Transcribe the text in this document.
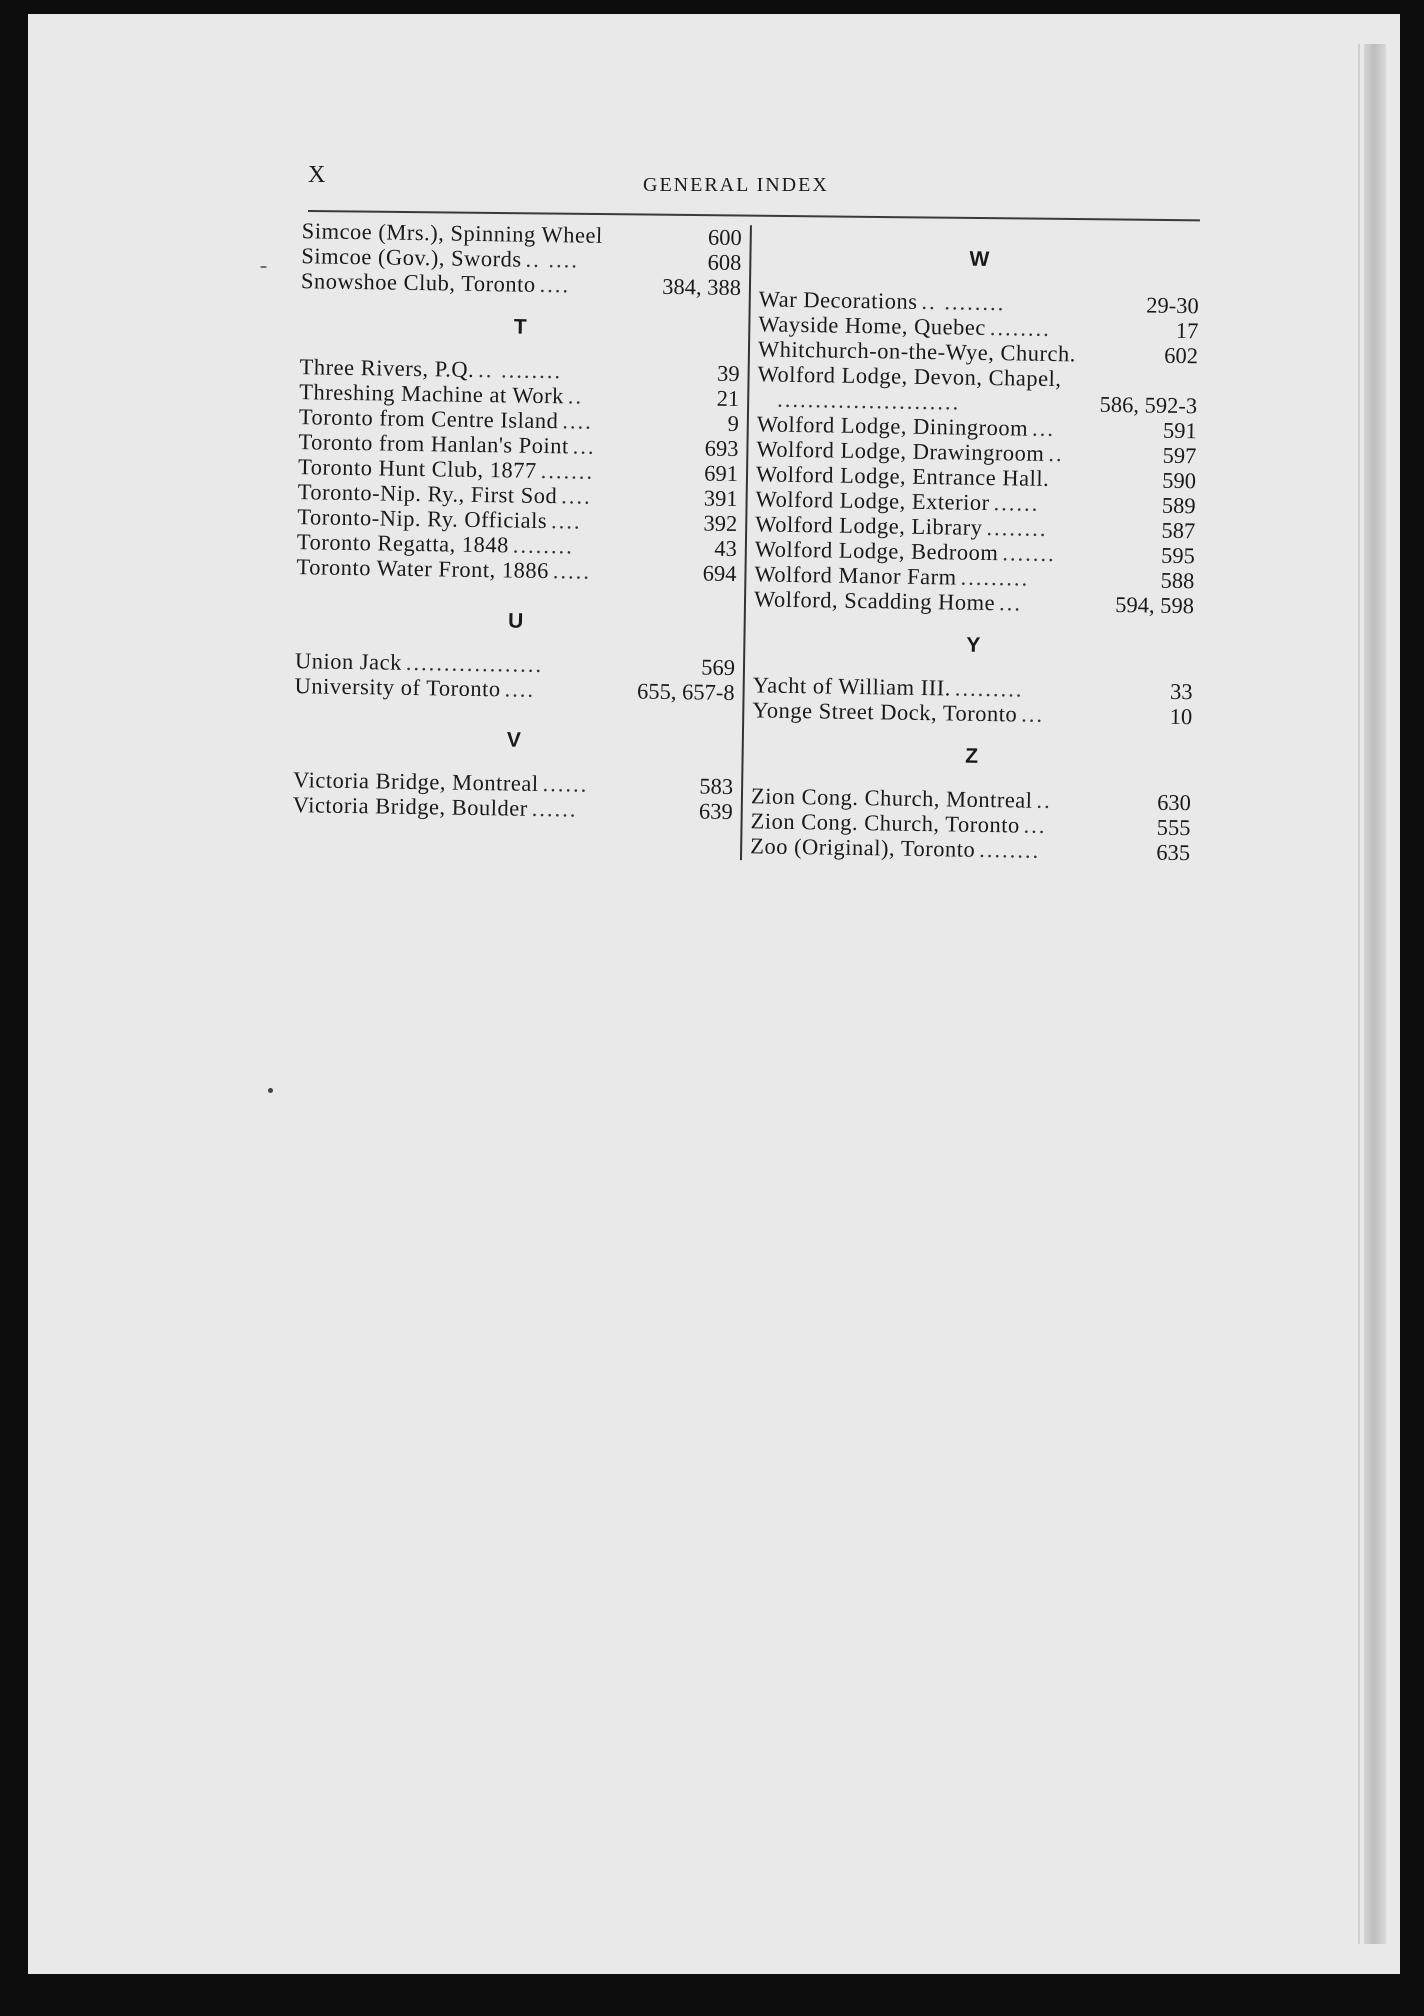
X	GENERAL INDEX
Simcoe (Mrs.), Spinning Wheel	600
Simcoe (Gov.), Swords .. ....	608
Snowshoe Club, Toronto ....	384, 388
T
Three Rivers, P.Q. .. ........	39
Threshing Machine at Work ..	21
Toronto from Centre Island ....	9
Toronto from Hanlan's Point ...	693
Toronto Hunt Club, 1877 .......	691
Toronto-Nip. Ry., First Sod ....	391
Toronto-Nip. Ry. Officials ....	392
Toronto Regatta, 1848 ........	43
Toronto Water Front, 1886 .....	694
U
Union Jack ..................	569
University of Toronto ....	655, 657-8
V
Victoria Bridge, Montreal ......	583
Victoria Bridge, Boulder ......	639
W
War Decorations .. ........	29-30
Wayside Home, Quebec ........	17
Whitchurch-on-the-Wye, Church.	602
Wolford Lodge, Devon, Chapel,
........................	586, 592-3
Wolford Lodge, Diningroom ...	591
Wolford Lodge, Drawingroom ..	597
Wolford Lodge, Entrance Hall.	590
Wolford Lodge, Exterior ......	589
Wolford Lodge, Library ........	587
Wolford Lodge, Bedroom .......	595
Wolford Manor Farm .........	588
Wolford, Scadding Home ...	594, 598
Y
Yacht of William III. .........	33
Yonge Street Dock, Toronto ...	10
Z
Zion Cong. Church, Montreal ..	630
Zion Cong. Church, Toronto ...	555
Zoo (Original), Toronto ........	635
